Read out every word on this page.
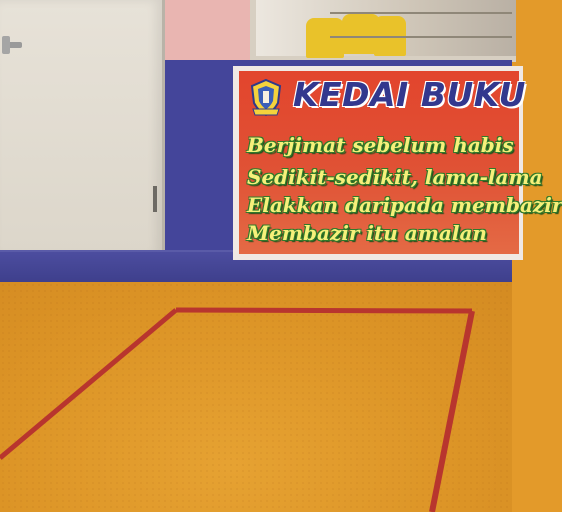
KEDAI BUKU
Berjimat sebelum habis
Sedikit-sedikit, lama-lama
Elakkan daripada membazir
Membazir itu amalan
